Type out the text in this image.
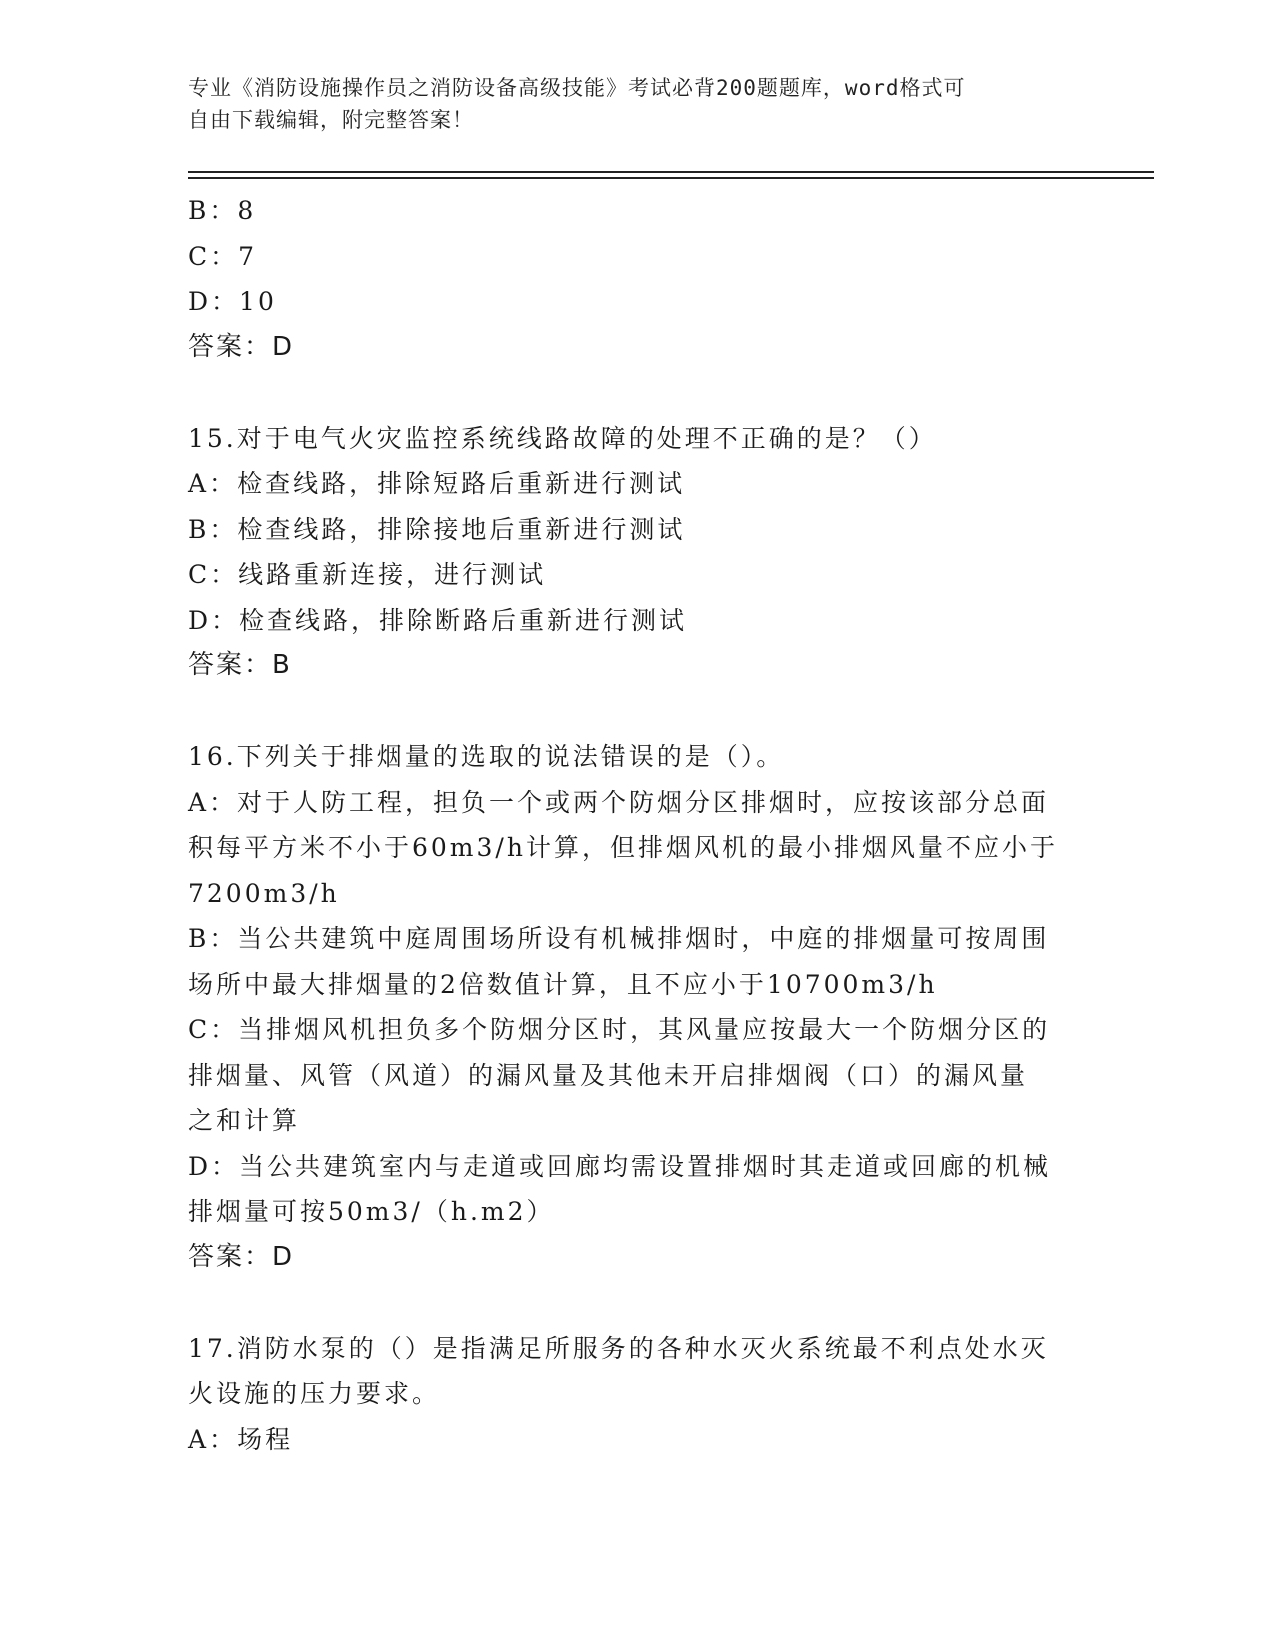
专业《消防设施操作员之消防设备高级技能》考试必背200题题库，word格式可
自由下载编辑，附完整答案！
B：8
C：7
D：10
答案：D
15.对于电气火灾监控系统线路故障的处理不正确的是？（）
A：检查线路，排除短路后重新进行测试
B：检查线路，排除接地后重新进行测试
C：线路重新连接，进行测试
D：检查线路，排除断路后重新进行测试
答案：B
16.下列关于排烟量的选取的说法错误的是（）。
A：对于人防工程，担负一个或两个防烟分区排烟时，应按该部分总面
积每平方米不小于60m3/h计算，但排烟风机的最小排烟风量不应小于
7200m3/h
B：当公共建筑中庭周围场所设有机械排烟时，中庭的排烟量可按周围
场所中最大排烟量的2倍数值计算，且不应小于10700m3/h
C：当排烟风机担负多个防烟分区时，其风量应按最大一个防烟分区的
排烟量、风管（风道）的漏风量及其他未开启排烟阀（口）的漏风量
之和计算
D：当公共建筑室内与走道或回廊均需设置排烟时其走道或回廊的机械
排烟量可按50m3/（h.m2）
答案：D
17.消防水泵的（）是指满足所服务的各种水灭火系统最不利点处水灭
火设施的压力要求。
A：场程
